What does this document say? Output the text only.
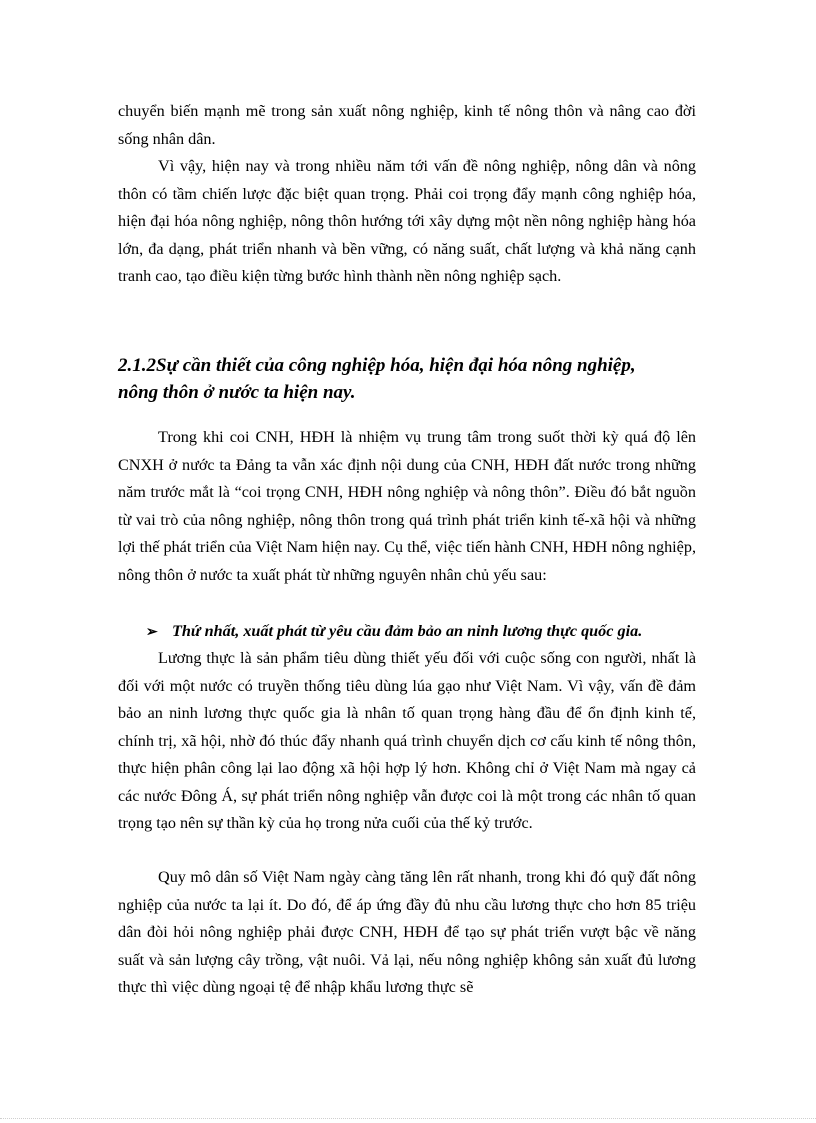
chuyển biến mạnh mẽ trong sản xuất nông nghiệp, kinh tế nông thôn và nâng cao đời sống nhân dân.

Vì vậy, hiện nay và trong nhiều năm tới vấn đề nông nghiệp, nông dân và nông thôn có tầm chiến lược đặc biệt quan trọng. Phải coi trọng đẩy mạnh công nghiệp hóa, hiện đại hóa nông nghiệp, nông thôn hướng tới xây dựng một nền nông nghiệp hàng hóa lớn, đa dạng, phát triển nhanh và bền vững, có năng suất, chất lượng và khả năng cạnh tranh cao, tạo điều kiện từng bước hình thành nền nông nghiệp sạch.

2.1.2Sự cần thiết của công nghiệp hóa, hiện đại hóa nông nghiệp,
nông thôn ở nước ta hiện nay.

Trong khi coi CNH, HĐH là nhiệm vụ trung tâm trong suốt thời kỳ quá độ lên CNXH ở nước ta Đảng ta vẫn xác định nội dung của CNH, HĐH đất nước trong những năm trước mắt là “coi trọng CNH, HĐH nông nghiệp và nông thôn”. Điều đó bắt nguồn từ vai trò của nông nghiệp, nông thôn trong quá trình phát triển kinh tế-xã hội và những lợi thế phát triển của Việt Nam hiện nay. Cụ thể, việc tiến hành CNH, HĐH nông nghiệp, nông thôn ở nước ta xuất phát từ những nguyên nhân chủ yếu sau:

➢ Thứ nhất, xuất phát từ yêu cầu đảm bảo an ninh lương thực quốc gia.

Lương thực là sản phẩm tiêu dùng thiết yếu đối với cuộc sống con người, nhất là đối với một nước có truyền thống tiêu dùng lúa gạo như Việt Nam. Vì vậy, vấn đề đảm bảo an ninh lương thực quốc gia là nhân tố quan trọng hàng đầu để ổn định kinh tế, chính trị, xã hội, nhờ đó thúc đẩy nhanh quá trình chuyển dịch cơ cấu kinh tế nông thôn, thực hiện phân công lại lao động xã hội hợp lý hơn. Không chỉ ở Việt Nam mà ngay cả các nước Đông Á, sự phát triển nông nghiệp vẫn được coi là một trong các nhân tố quan trọng tạo nên sự thần kỳ của họ trong nửa cuối của thế kỷ trước.

Quy mô dân số Việt Nam ngày càng tăng lên rất nhanh, trong khi đó quỹ đất nông nghiệp của nước ta lại ít. Do đó, để áp ứng đầy đủ nhu cầu lương thực cho hơn 85 triệu dân đòi hỏi nông nghiệp phải được CNH, HĐH để tạo sự phát triển vượt bậc về năng suất và sản lượng cây trồng, vật nuôi. Vả lại, nếu nông nghiệp không sản xuất đủ lương thực thì việc dùng ngoại tệ để nhập khẩu lương thực sẽ
